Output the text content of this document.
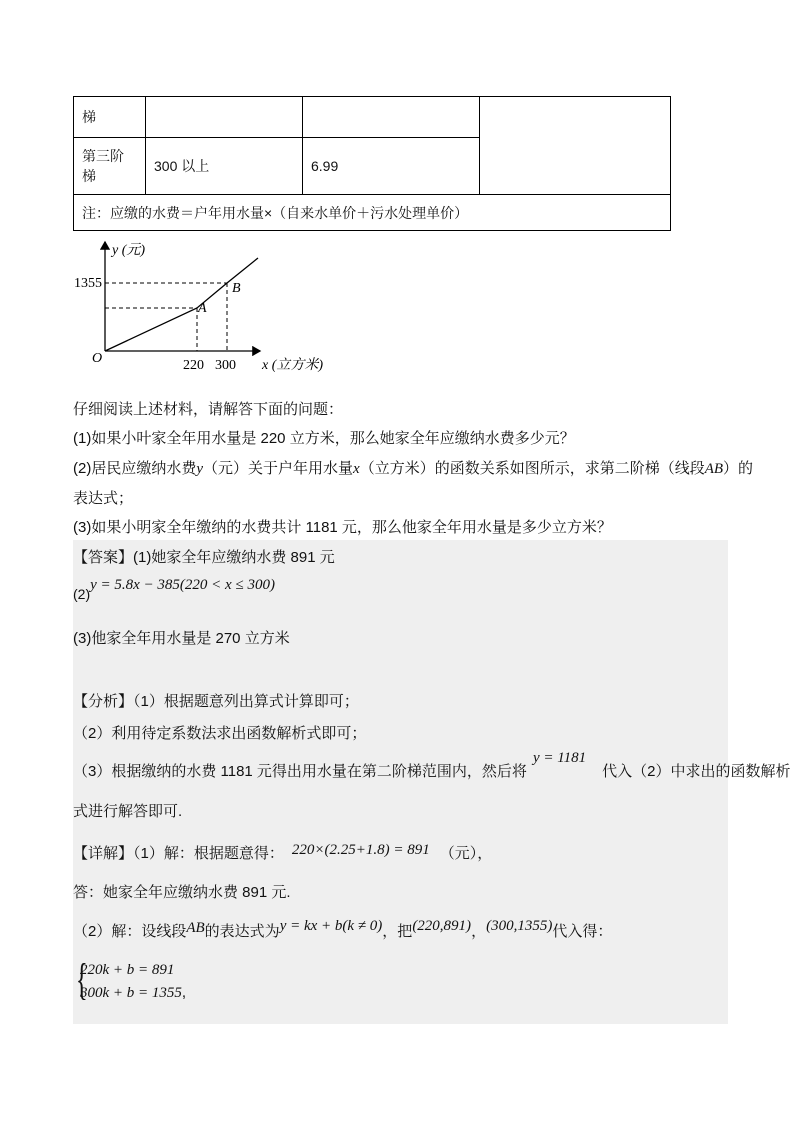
梯			

第三阶
梯	300 以上	6.99	
注：应缴的水费＝户年用水量×（自来水单价＋污水处理单价）			
y (元)
1355
O	220 300 x (立方米)
A
B
仔细阅读上述材料，请解答下面的问题：
(1)如果小叶家全年用水量是 220 立方米，那么她家全年应缴纳水费多少元？
(2)居民应缴纳水费y（元）关于户年用水量x（立方米）的函数关系如图所示，求第二阶梯（线段AB）的
表达式；
(3)如果小明家全年缴纳的水费共计 1181 元，那么他家全年用水量是多少立方米？
【答案】(1)她家全年应缴纳水费 891 元
(2)y = 5.8x − 385(220 < x ≤ 300)
(3)他家全年用水量是 270 立方米
【分析】（1）根据题意列出算式计算即可；
（2）利用待定系数法求出函数解析式即可；
（3）根据缴纳的水费 1181 元得出用水量在第二阶梯范围内，然后将y = 1181代入（2）中求出的函数解析
式进行解答即可.
【详解】（1）解：根据题意得： 220×(2.25+1.8) = 891 （元），
答：她家全年应缴纳水费 891 元.
（2）解：设线段AB的表达式为y = kx + b(k ≠ 0)，把(220,891)，(300,1355)代入得：
{
220k + b = 891
300k + b = 1355,
